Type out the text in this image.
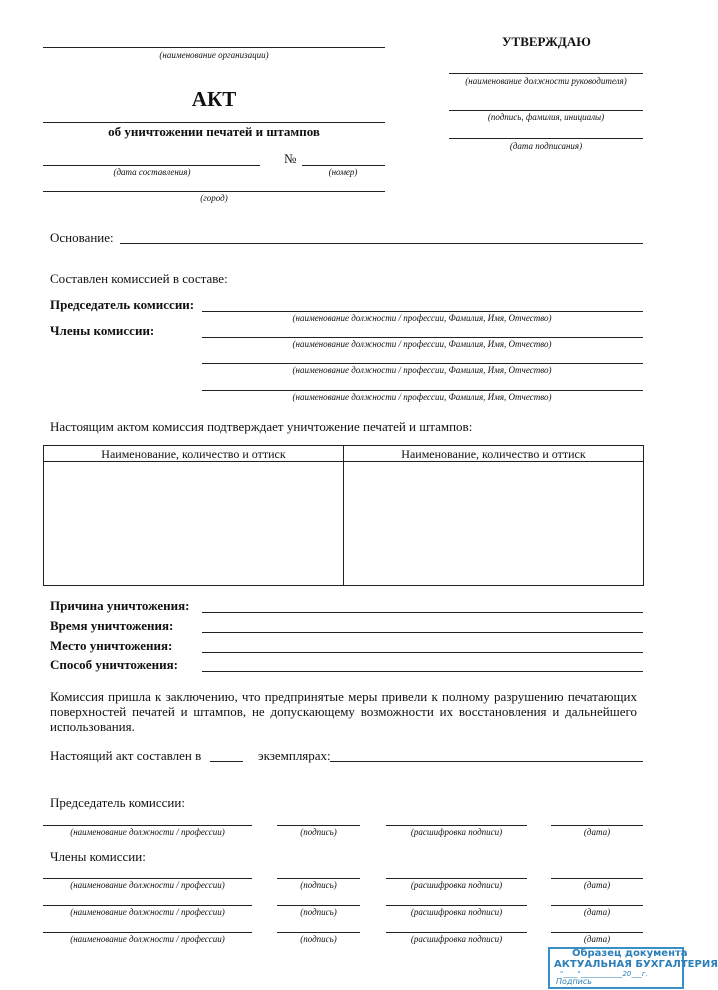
(наименование организации)
УТВЕРЖДАЮ
(наименование должности руководителя)
(подпись, фамилия, инициалы)
(дата подписания)
АКТ
об уничтожении печатей и штампов
№
(дата составления)	(номер)
(город)
Основание:
Составлен комиссией в составе:
Председатель комиссии:
(наименование должности / профессии, Фамилия, Имя, Отчество)
Члены комиссии:
(наименование должности / профессии, Фамилия, Имя, Отчество)
(наименование должности / профессии, Фамилия, Имя, Отчество)
(наименование должности / профессии, Фамилия, Имя, Отчество)
Настоящим актом комиссия подтверждает уничтожение печатей и штампов:
Наименование, количество и оттиск	Наименование, количество и оттиск
Причина уничтожения:
Время уничтожения:
Место уничтожения:
Способ уничтожения:
Комиссия пришла к заключению, что предпринятые меры привели к полному разрушению печатающих поверхностей печатей и штампов, не допускающему возможности их восстановления и дальнейшего использования.
Настоящий акт составлен в	экземплярах:
Председатель комиссии:
Члены комиссии:
(наименование должности / профессии)	(подпись)	(расшифровка подписи)	(дата)
(наименование должности / профессии)	(подпись)	(расшифровка подписи)	(дата)
(наименование должности / профессии)	(подпись)	(расшифровка подписи)	(дата)
(наименование должности / профессии)	(подпись)	(расшифровка подписи)	(дата)
Образец документа
АКТУАЛЬНАЯ БУХГАЛТЕРИЯ
"____"____________20___г.
Подпись
